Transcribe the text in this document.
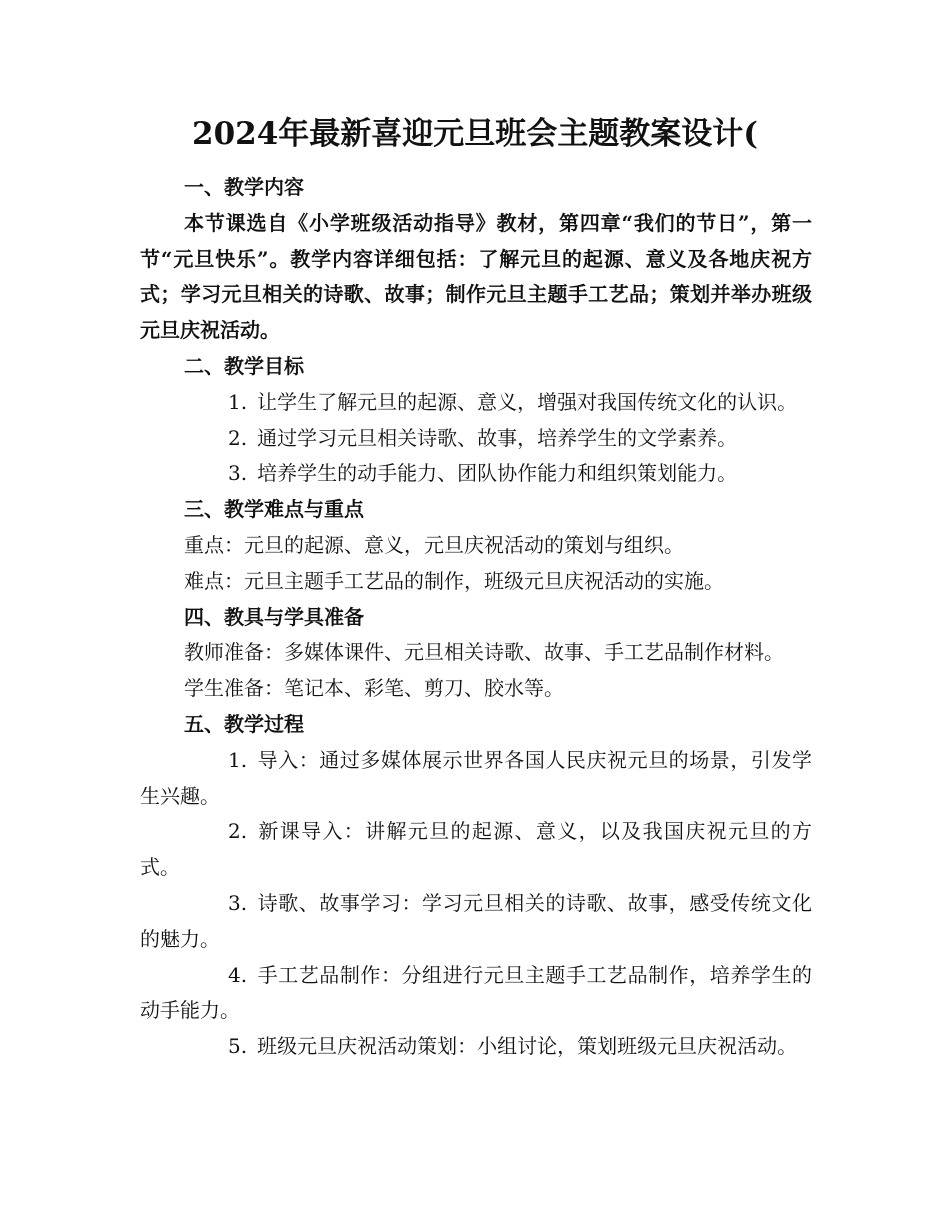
2024年最新喜迎元旦班会主题教案设计(

一、教学内容

本节课选自《小学班级活动指导》教材，第四章“我们的节日”，第一节“元旦快乐”。教学内容详细包括：了解元旦的起源、意义及各地庆祝方式；学习元旦相关的诗歌、故事；制作元旦主题手工艺品；策划并举办班级元旦庆祝活动。

二、教学目标

1. 让学生了解元旦的起源、意义，增强对我国传统文化的认识。

2. 通过学习元旦相关诗歌、故事，培养学生的文学素养。

3. 培养学生的动手能力、团队协作能力和组织策划能力。

三、教学难点与重点

重点：元旦的起源、意义，元旦庆祝活动的策划与组织。

难点：元旦主题手工艺品的制作，班级元旦庆祝活动的实施。

四、教具与学具准备

教师准备：多媒体课件、元旦相关诗歌、故事、手工艺品制作材料。

学生准备：笔记本、彩笔、剪刀、胶水等。

五、教学过程

1. 导入：通过多媒体展示世界各国人民庆祝元旦的场景，引发学生兴趣。

2. 新课导入：讲解元旦的起源、意义，以及我国庆祝元旦的方式。

3. 诗歌、故事学习：学习元旦相关的诗歌、故事，感受传统文化的魅力。

4. 手工艺品制作：分组进行元旦主题手工艺品制作，培养学生的动手能力。

5. 班级元旦庆祝活动策划：小组讨论，策划班级元旦庆祝活动。
